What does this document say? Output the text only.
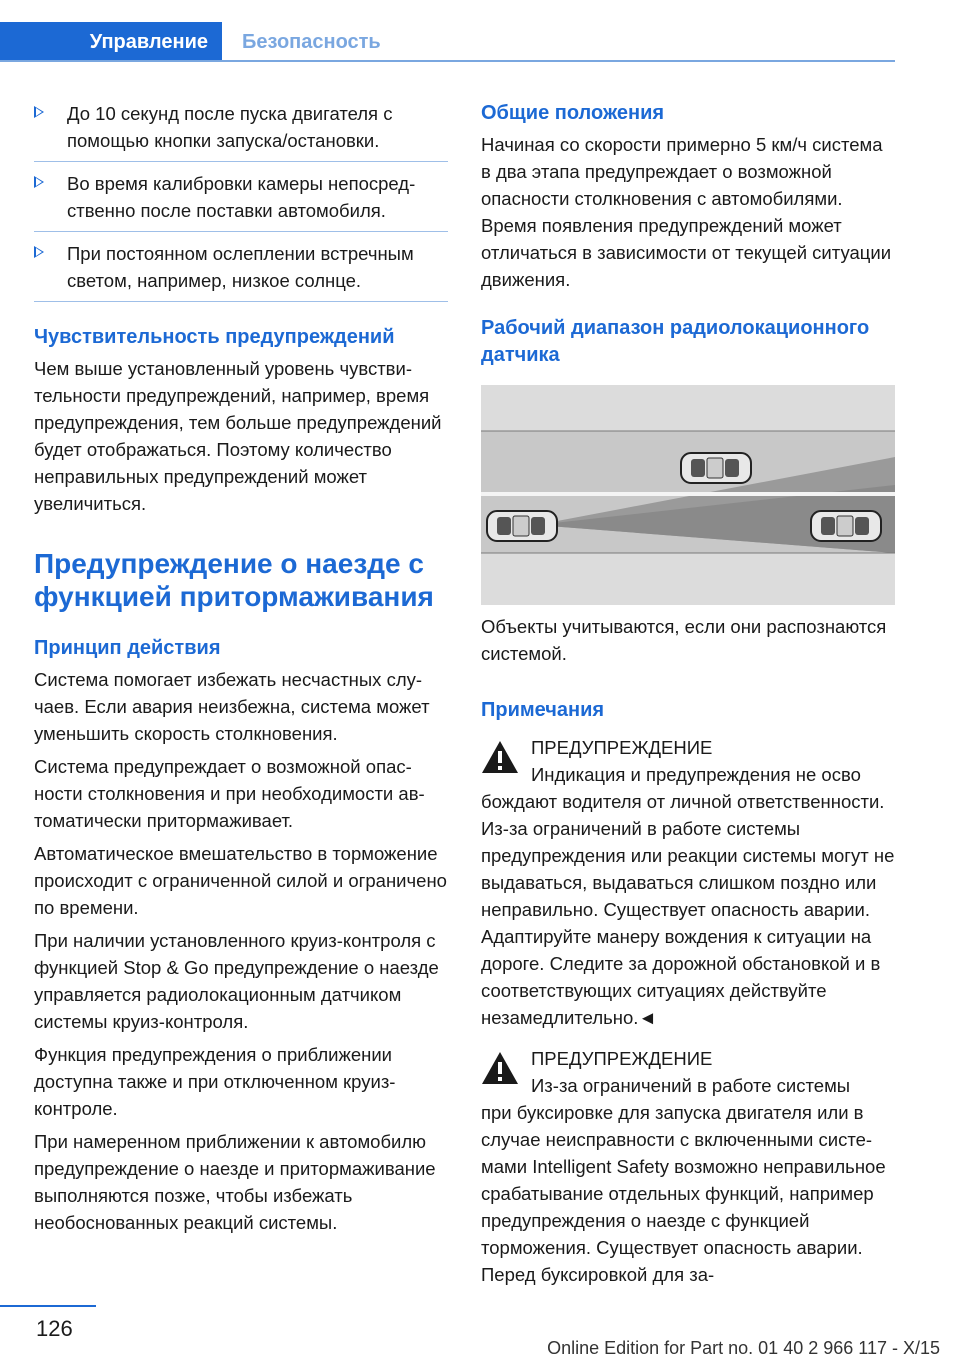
Управление	Безопасность
До 10 секунд после пуска двигателя с помощью кнопки запуска/остановки.
Во время калибровки камеры непосредственно после поставки автомобиля.
При постоянном ослеплении встречным светом, например, низкое солнце.
Чувствительность предупреждений

Чем выше установленный уровень чувствительности предупреждений, например, время предупреждения, тем больше предупреждений будет отображаться. Поэтому количество неправильных предупреждений может увеличиться.

Предупреждение о наезде с функцией притормаживания
Принцип действия

Система помогает избежать несчастных случаев. Если авария неизбежна, система может уменьшить скорость столкновения.

Система предупреждает о возможной опасности столкновения и при необходимости автоматически притормаживает.

Автоматическое вмешательство в торможение происходит с ограниченной силой и ограничено по времени.

При наличии установленного круиз-контроля с функцией Stop & Go предупреждение о наезде управляется радиолокационным датчиком системы круиз-контроля.

Функция предупреждения о приближении доступна также и при отключенном круиз-контроле.

При намеренном приближении к автомобилю предупреждение о наезде и притормаживание выполняются позже, чтобы избежать необоснованных реакций системы.

Общие положения

Начиная со скорости примерно 5 км/ч система в два этапа предупреждает о возможной опасности столкновения с автомобилями. Время появления предупреждений может отличаться в зависимости от текущей ситуации движения.

Рабочий диапазон радиолокационного датчика

Объекты учитываются, если они распознаются системой.

Примечания
ПРЕДУПРЕЖДЕНИЕ
Индикация и предупреждения не осво
бождают водителя от личной ответственности. Из-за ограничений в работе системы предупреждения или реакции системы могут не выдаваться, выдаваться слишком поздно или неправильно. Существует опасность аварии. Адаптируйте манеру вождения к ситуации на дороге. Следите за дорожной обстановкой и в соответствующих ситуациях действуйте незамедлительно.◄
ПРЕДУПРЕЖДЕНИЕ
Из-за ограничений в работе системы
при буксировке для запуска двигателя или в случае неисправности с включенными системами Intelligent Safety возможно неправильное срабатывание отдельных функций, например предупреждения о наезде с функцией торможения. Существует опасность аварии. Перед буксировкой для за-
126
Online Edition for Part no. 01 40 2 966 117 - X/15
